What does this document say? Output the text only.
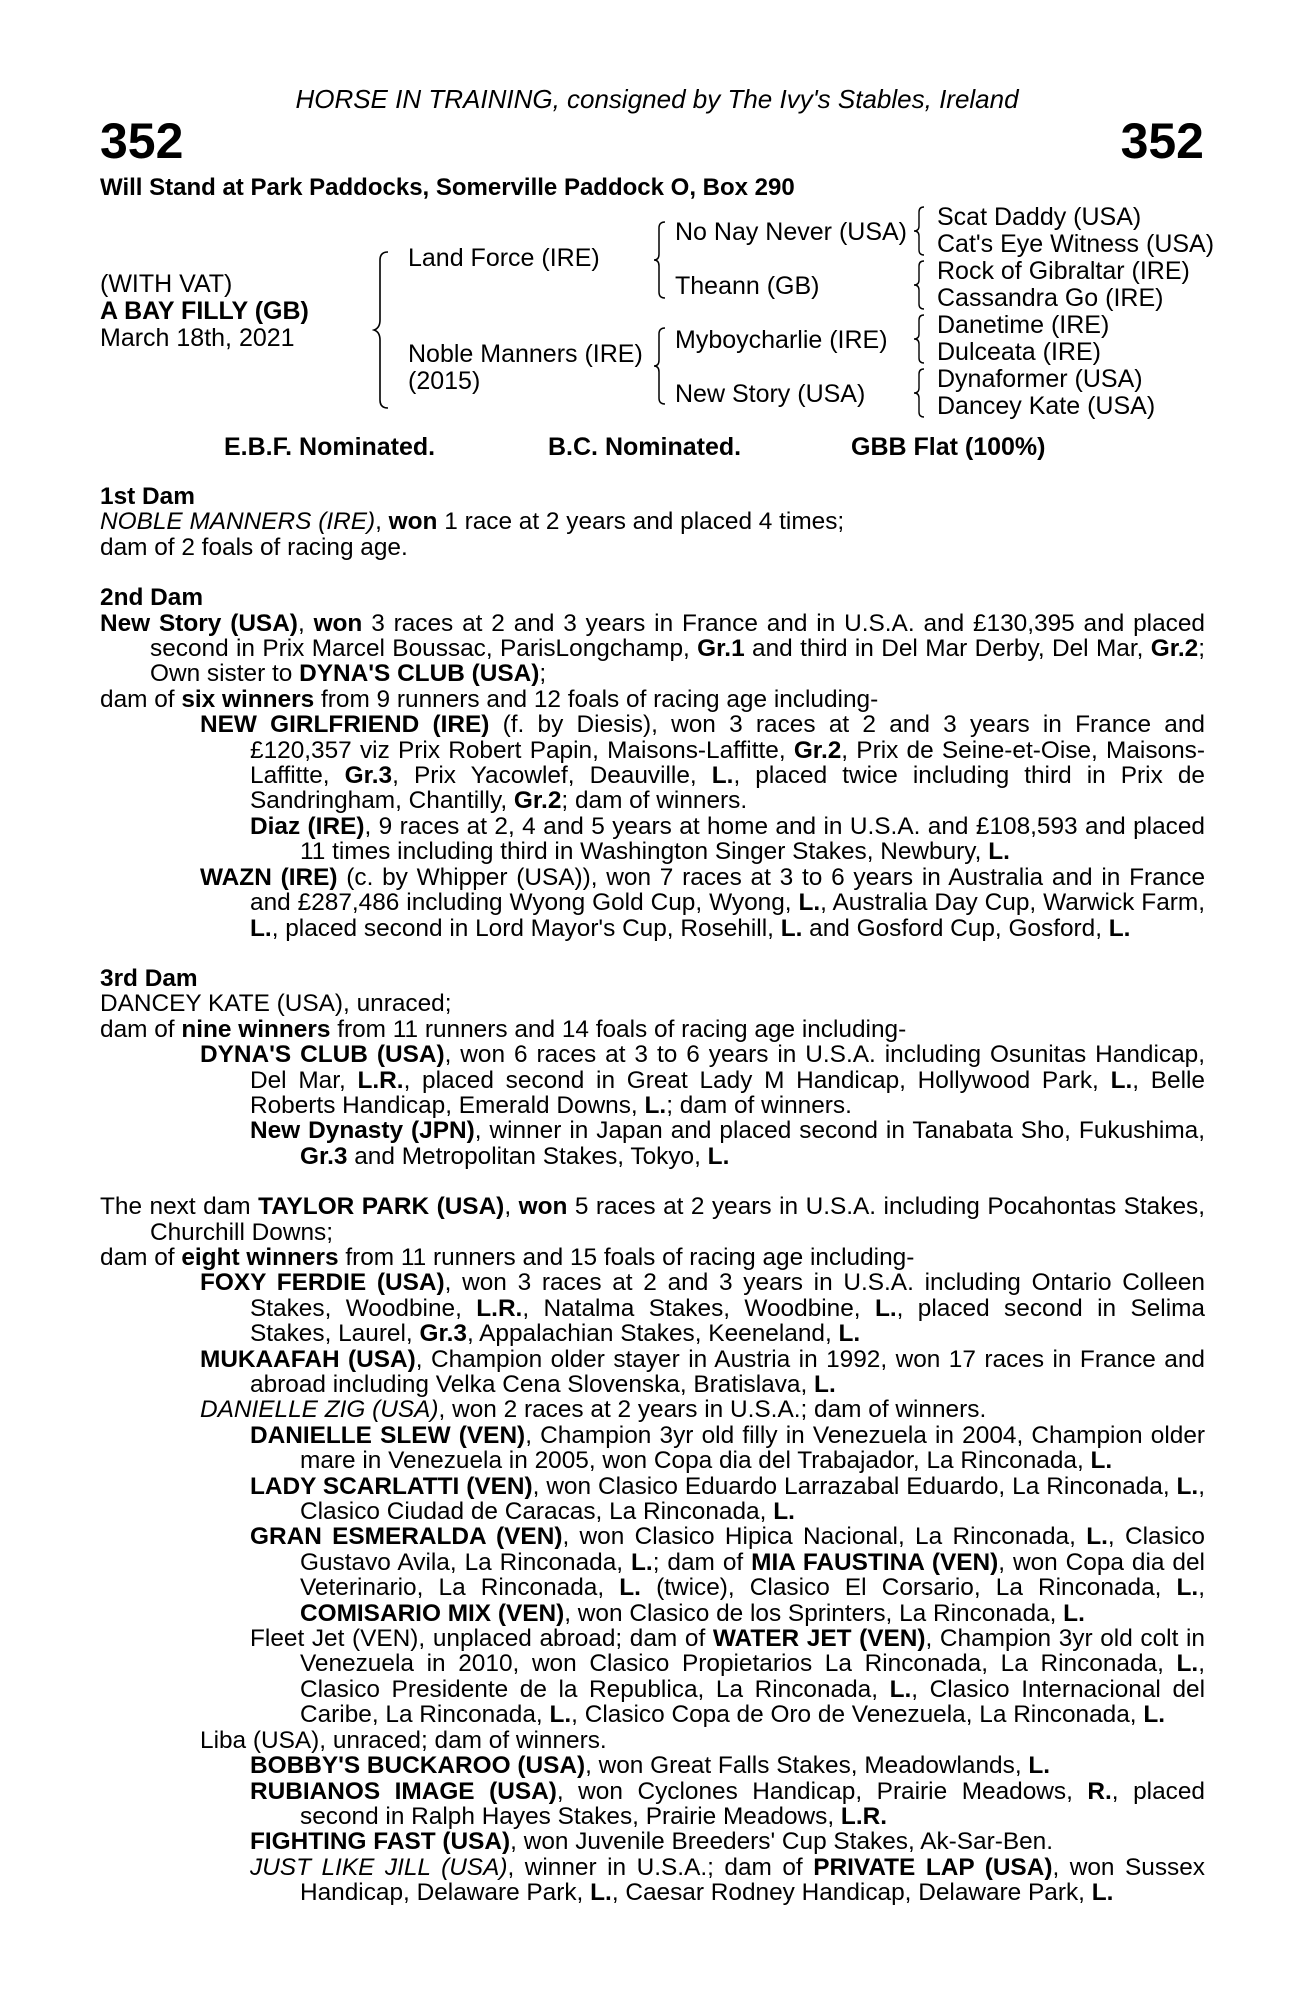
HORSE IN TRAINING, consigned by The Ivy's Stables, Ireland
352	352
Will Stand at Park Paddocks, Somerville Paddock O, Box 290
(WITH VAT)
A BAY FILLY (GB)
March 18th, 2021
Land Force (IRE)
Noble Manners (IRE)
(2015)
No Nay Never (USA)
Theann (GB)
Myboycharlie (IRE)
New Story (USA)
Scat Daddy (USA)
Cat's Eye Witness (USA)
Rock of Gibraltar (IRE)
Cassandra Go (IRE)
Danetime (IRE)
Dulceata (IRE)
Dynaformer (USA)
Dancey Kate (USA)
E.B.F. Nominated.	B.C. Nominated.	GBB Flat (100%)

1st Dam

NOBLE MANNERS (IRE), won 1 race at 2 years and placed 4 times;

dam of 2 foals of racing age.

2nd Dam

New Story (USA), won 3 races at 2 and 3 years in France and in U.S.A. and £130,395 and placed second in Prix Marcel Boussac, ParisLongchamp, Gr.1 and third in Del Mar Derby, Del Mar, Gr.2; Own sister to DYNA'S CLUB (USA);

dam of six winners from 9 runners and 12 foals of racing age including-

NEW GIRLFRIEND (IRE) (f. by Diesis), won 3 races at 2 and 3 years in France and £120,357 viz Prix Robert Papin, Maisons-Laffitte, Gr.2, Prix de Seine-et-Oise, Maisons-Laffitte, Gr.3, Prix Yacowlef, Deauville, L., placed twice including third in Prix de Sandringham, Chantilly, Gr.2; dam of winners.

Diaz (IRE), 9 races at 2, 4 and 5 years at home and in U.S.A. and £108,593 and placed 11 times including third in Washington Singer Stakes, Newbury, L.

WAZN (IRE) (c. by Whipper (USA)), won 7 races at 3 to 6 years in Australia and in France and £287,486 including Wyong Gold Cup, Wyong, L., Australia Day Cup, Warwick Farm, L., placed second in Lord Mayor's Cup, Rosehill, L. and Gosford Cup, Gosford, L.

3rd Dam

DANCEY KATE (USA), unraced;

dam of nine winners from 11 runners and 14 foals of racing age including-

DYNA'S CLUB (USA), won 6 races at 3 to 6 years in U.S.A. including Osunitas Handicap, Del Mar, L.R., placed second in Great Lady M Handicap, Hollywood Park, L., Belle Roberts Handicap, Emerald Downs, L.; dam of winners.

New Dynasty (JPN), winner in Japan and placed second in Tanabata Sho, Fukushima, Gr.3 and Metropolitan Stakes, Tokyo, L.

The next dam TAYLOR PARK (USA), won 5 races at 2 years in U.S.A. including Pocahontas Stakes, Churchill Downs;

dam of eight winners from 11 runners and 15 foals of racing age including-

FOXY FERDIE (USA), won 3 races at 2 and 3 years in U.S.A. including Ontario Colleen Stakes, Woodbine, L.R., Natalma Stakes, Woodbine, L., placed second in Selima Stakes, Laurel, Gr.3, Appalachian Stakes, Keeneland, L.

MUKAAFAH (USA), Champion older stayer in Austria in 1992, won 17 races in France and abroad including Velka Cena Slovenska, Bratislava, L.

DANIELLE ZIG (USA), won 2 races at 2 years in U.S.A.; dam of winners.

DANIELLE SLEW (VEN), Champion 3yr old filly in Venezuela in 2004, Champion older mare in Venezuela in 2005, won Copa dia del Trabajador, La Rinconada, L.

LADY SCARLATTI (VEN), won Clasico Eduardo Larrazabal Eduardo, La Rinconada, L., Clasico Ciudad de Caracas, La Rinconada, L.

GRAN ESMERALDA (VEN), won Clasico Hipica Nacional, La Rinconada, L., Clasico Gustavo Avila, La Rinconada, L.; dam of MIA FAUSTINA (VEN), won Copa dia del Veterinario, La Rinconada, L. (twice), Clasico El Corsario, La Rinconada, L., COMISARIO MIX (VEN), won Clasico de los Sprinters, La Rinconada, L.

Fleet Jet (VEN), unplaced abroad; dam of WATER JET (VEN), Champion 3yr old colt in Venezuela in 2010, won Clasico Propietarios La Rinconada, La Rinconada, L., Clasico Presidente de la Republica, La Rinconada, L., Clasico Internacional del Caribe, La Rinconada, L., Clasico Copa de Oro de Venezuela, La Rinconada, L.

Liba (USA), unraced; dam of winners.

BOBBY'S BUCKAROO (USA), won Great Falls Stakes, Meadowlands, L.

RUBIANOS IMAGE (USA), won Cyclones Handicap, Prairie Meadows, R., placed second in Ralph Hayes Stakes, Prairie Meadows, L.R.

FIGHTING FAST (USA), won Juvenile Breeders' Cup Stakes, Ak-Sar-Ben.

JUST LIKE JILL (USA), winner in U.S.A.; dam of PRIVATE LAP (USA), won Sussex Handicap, Delaware Park, L., Caesar Rodney Handicap, Delaware Park, L.
